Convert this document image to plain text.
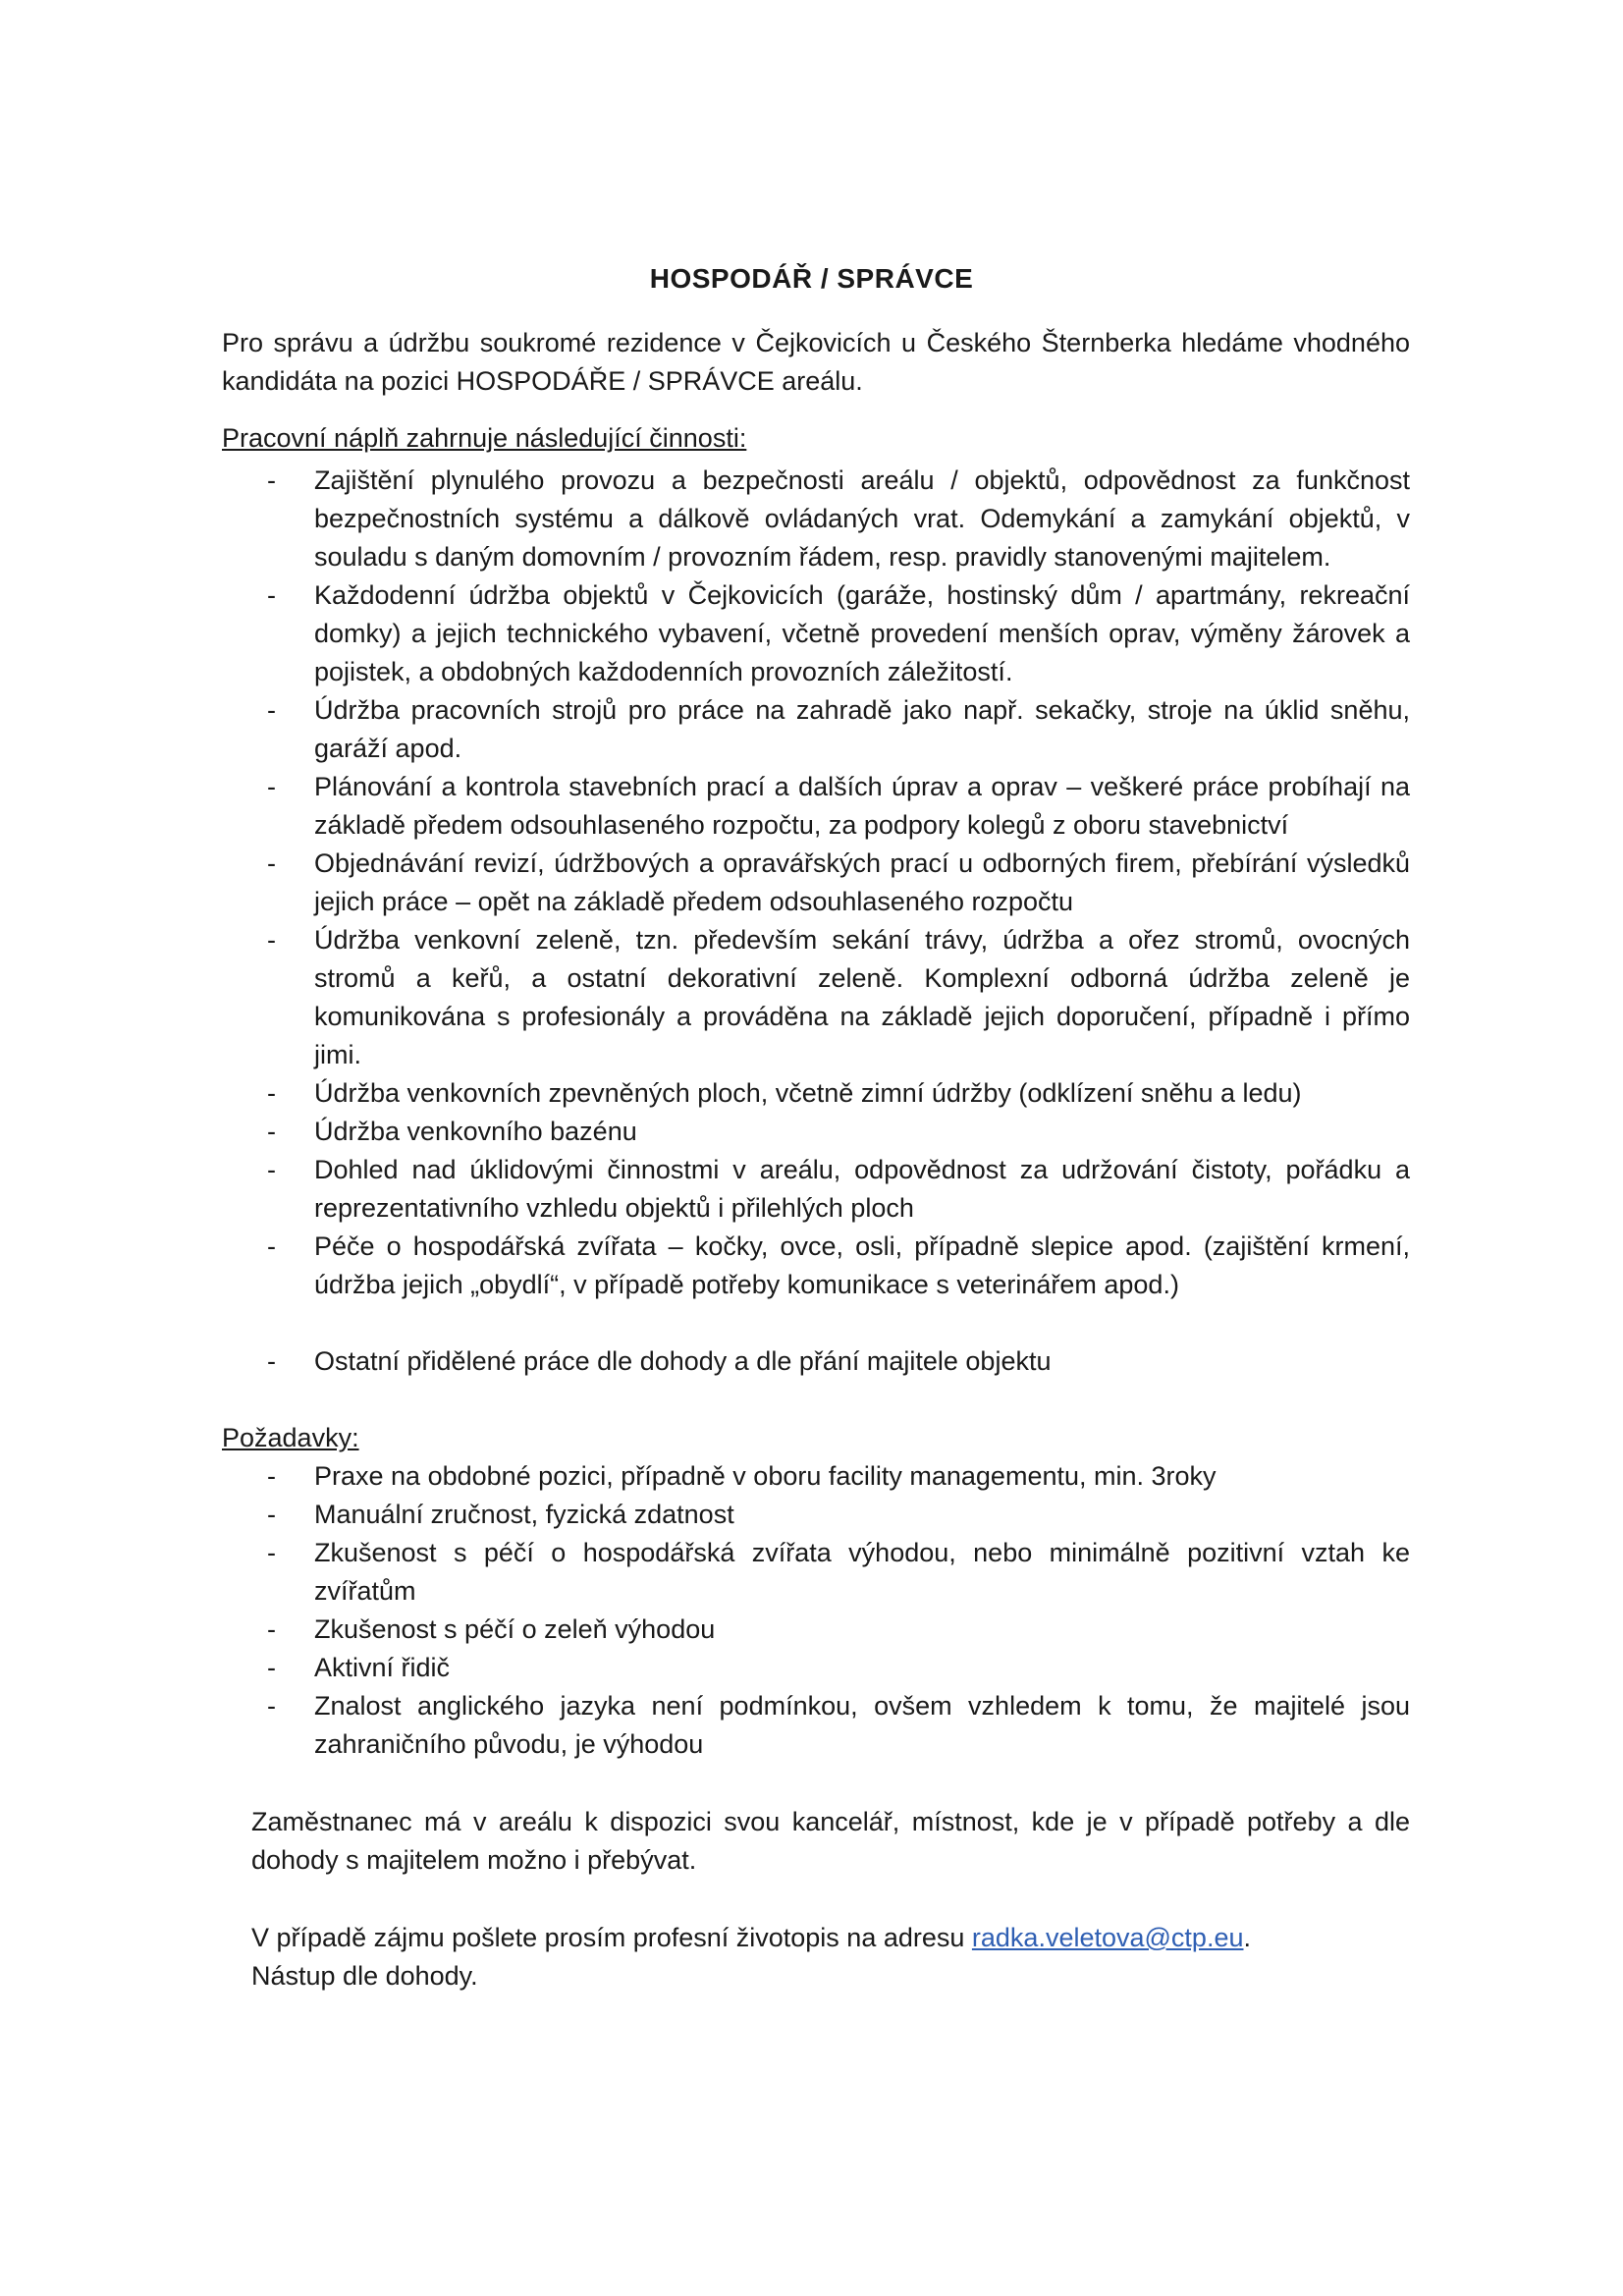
HOSPODÁŘ / SPRÁVCE

Pro správu a údržbu soukromé rezidence v Čejkovicích u Českého Šternberka hledáme vhodného kandidáta na pozici HOSPODÁŘE / SPRÁVCE areálu.

Pracovní náplň zahrnuje následující činnosti:

- Zajištění plynulého provozu a bezpečnosti areálu / objektů, odpovědnost za funkčnost bezpečnostních systému a dálkově ovládaných vrat. Odemykání a zamykání objektů, v souladu s daným domovním / provozním řádem, resp. pravidly stanovenými majitelem.
- Každodenní údržba objektů v Čejkovicích (garáže, hostinský dům / apartmány, rekreační domky) a jejich technického vybavení, včetně provedení menších oprav, výměny žárovek a pojistek, a obdobných každodenních provozních záležitostí.
- Údržba pracovních strojů pro práce na zahradě jako např. sekačky, stroje na úklid sněhu, garáží apod.
- Plánování a kontrola stavebních prací a dalších úprav a oprav – veškeré práce probíhají na základě předem odsouhlaseného rozpočtu, za podpory kolegů z oboru stavebnictví
- Objednávání revizí, údržbových a opravářských prací u odborných firem, přebírání výsledků jejich práce – opět na základě předem odsouhlaseného rozpočtu
- Údržba venkovní zeleně, tzn. především sekání trávy, údržba a ořez stromů, ovocných stromů a keřů, a ostatní dekorativní zeleně. Komplexní odborná údržba zeleně je komunikována s profesionály a prováděna na základě jejich doporučení, případně i přímo jimi.
- Údržba venkovních zpevněných ploch, včetně zimní údržby (odklízení sněhu a ledu)
- Údržba venkovního bazénu
- Dohled nad úklidovými činnostmi v areálu, odpovědnost za udržování čistoty, pořádku a reprezentativního vzhledu objektů i přilehlých ploch
- Péče o hospodářská zvířata – kočky, ovce, osli, případně slepice apod. (zajištění krmení, údržba jejich „obydlí“, v případě potřeby komunikace s veterinářem apod.)
- Ostatní přidělené práce dle dohody a dle přání majitele objektu

Požadavky:

- Praxe na obdobné pozici, případně v oboru facility managementu, min. 3roky
- Manuální zručnost, fyzická zdatnost
- Zkušenost s péčí o hospodářská zvířata výhodou, nebo minimálně pozitivní vztah ke zvířatům
- Zkušenost s péčí o zeleň výhodou
- Aktivní řidič
- Znalost anglického jazyka není podmínkou, ovšem vzhledem k tomu, že majitelé jsou zahraničního původu, je výhodou

Zaměstnanec má v areálu k dispozici svou kancelář, místnost, kde je v případě potřeby a dle dohody s majitelem možno i přebývat.

V případě zájmu pošlete prosím profesní životopis na adresu radka.veletova@ctp.eu.
Nástup dle dohody.
